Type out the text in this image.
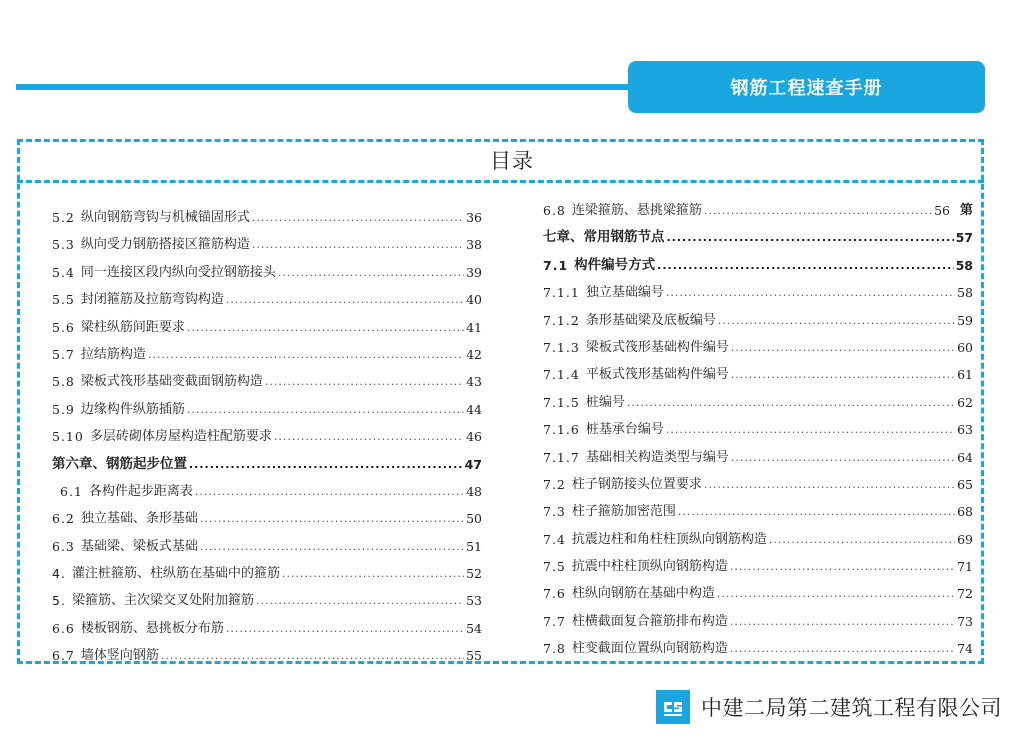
钢筋工程速查手册
目录
5.2 纵向钢筋弯钩与机械锚固形式 .....	36
5.3 纵向受力钢筋搭接区箍筋构造 .....	38
5.4 同一连接区段内纵向受拉钢筋接头 .....	39
5.5 封闭箍筋及拉筋弯钩构造 .....	40
5.6 梁柱纵筋间距要求 .....	41
5.7 拉结筋构造 .....	42
5.8 梁板式筏形基础变截面钢筋构造 .....	43
5.9 边缘构件纵筋插筋 .....	44
5.10 多层砖砌体房屋构造柱配筋要求 .....	46
第六章、钢筋起步位置 .....	47
6.1 各构件起步距离表 .....	48
6.2 独立基础、条形基础 .....	50
6.3 基础梁、梁板式基础 .....	51
4. 灌注桩箍筋、柱纵筋在基础中的箍筋 .....	52
5. 梁箍筋、主次梁交叉处附加箍筋 .....	53
6.6 楼板钢筋、悬挑板分布筋 .....	54
6.7 墙体竖向钢筋 .....	55
6.8 连梁箍筋、悬挑梁箍筋 .....	56 第
七章、常用钢筋节点 .....	57
7.1 构件编号方式 .....	58
7.1.1 独立基础编号 .....	58
7.1.2 条形基础梁及底板编号 .....	59
7.1.3 梁板式筏形基础构件编号 .....	60
7.1.4 平板式筏形基础构件编号 .....	61
7.1.5 桩编号 .....	62
7.1.6 桩基承台编号 .....	63
7.1.7 基础相关构造类型与编号 .....	64
7.2 柱子钢筋接头位置要求 .....	65
7.3 柱子箍筋加密范围 .....	68
7.4 抗震边柱和角柱柱顶纵向钢筋构造 .....	69
7.5 抗震中柱柱顶纵向钢筋构造 .....	71
7.6 柱纵向钢筋在基础中构造 .....	72
7.7 柱横截面复合箍筋排布构造 .....	73
7.8 柱变截面位置纵向钢筋构造 .....	74
中建二局第二建筑工程有限公司
